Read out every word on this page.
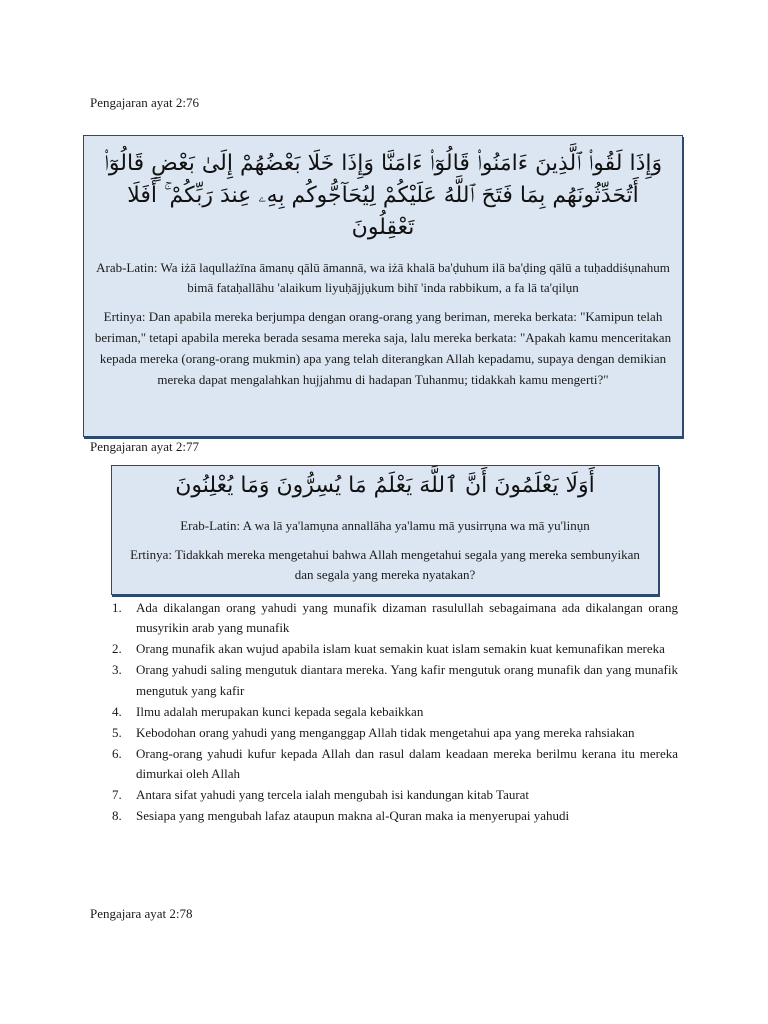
Pengajaran ayat 2:76
وَإِذَا لَقُوا۟ ٱلَّذِينَ ءَامَنُوا۟ قَالُوٓا۟ ءَامَنَّا وَإِذَا خَلَا بَعْضُهُمْ إِلَىٰ بَعْضٍ قَالُوٓا۟ أَتُحَدِّثُونَهُم بِمَا فَتَحَ ٱللَّهُ عَلَيْكُمْ لِيُحَآجُّوكُم بِهِۦ عِندَ رَبِّكُمْ ۚ أَفَلَا تَعْقِلُونَ
Arab-Latin: Wa iżā laqullażīna āmanụ qālū āmannā, wa iżā khalā ba'ḍuhum ilā ba'ḍing qālū a tuḥaddiṡụnahum bimā fataḥallāhu 'alaikum liyuḥājjụkum bihī 'inda rabbikum, a fa lā ta'qilụn
Ertinya: Dan apabila mereka berjumpa dengan orang-orang yang beriman, mereka berkata: "Kamipun telah beriman," tetapi apabila mereka berada sesama mereka saja, lalu mereka berkata: "Apakah kamu menceritakan kepada mereka (orang-orang mukmin) apa yang telah diterangkan Allah kepadamu, supaya dengan demikian mereka dapat mengalahkan hujjahmu di hadapan Tuhanmu; tidakkah kamu mengerti?"
Pengajaran ayat 2:77
أَوَلَا يَعْلَمُونَ أَنَّ ٱللَّهَ يَعْلَمُ مَا يُسِرُّونَ وَمَا يُعْلِنُونَ
Erab-Latin: A wa lā ya'lamụna annallāha ya'lamu mā yusirrụna wa mā yu'linụn
Ertinya: Tidakkah mereka mengetahui bahwa Allah mengetahui segala yang mereka sembunyikan dan segala yang mereka nyatakan?
1.	Ada dikalangan orang yahudi yang munafik dizaman rasulullah sebagaimana ada dikalangan orang musyrikin arab yang munafik
2.	Orang munafik akan wujud apabila islam kuat semakin kuat islam semakin kuat kemunafikan mereka
3.	Orang yahudi saling mengutuk diantara mereka. Yang kafir mengutuk orang munafik dan yang munafik mengutuk yang kafir
4.	Ilmu adalah merupakan kunci kepada segala kebaikkan
5.	Kebodohan orang yahudi yang menganggap Allah tidak mengetahui apa yang mereka rahsiakan
6.	Orang-orang yahudi kufur kepada Allah dan rasul dalam keadaan mereka berilmu kerana itu mereka dimurkai oleh Allah
7.	Antara sifat yahudi yang tercela ialah mengubah isi kandungan kitab Taurat
8.	Sesiapa yang mengubah lafaz ataupun makna al-Quran maka ia menyerupai yahudi
Pengajara ayat 2:78
